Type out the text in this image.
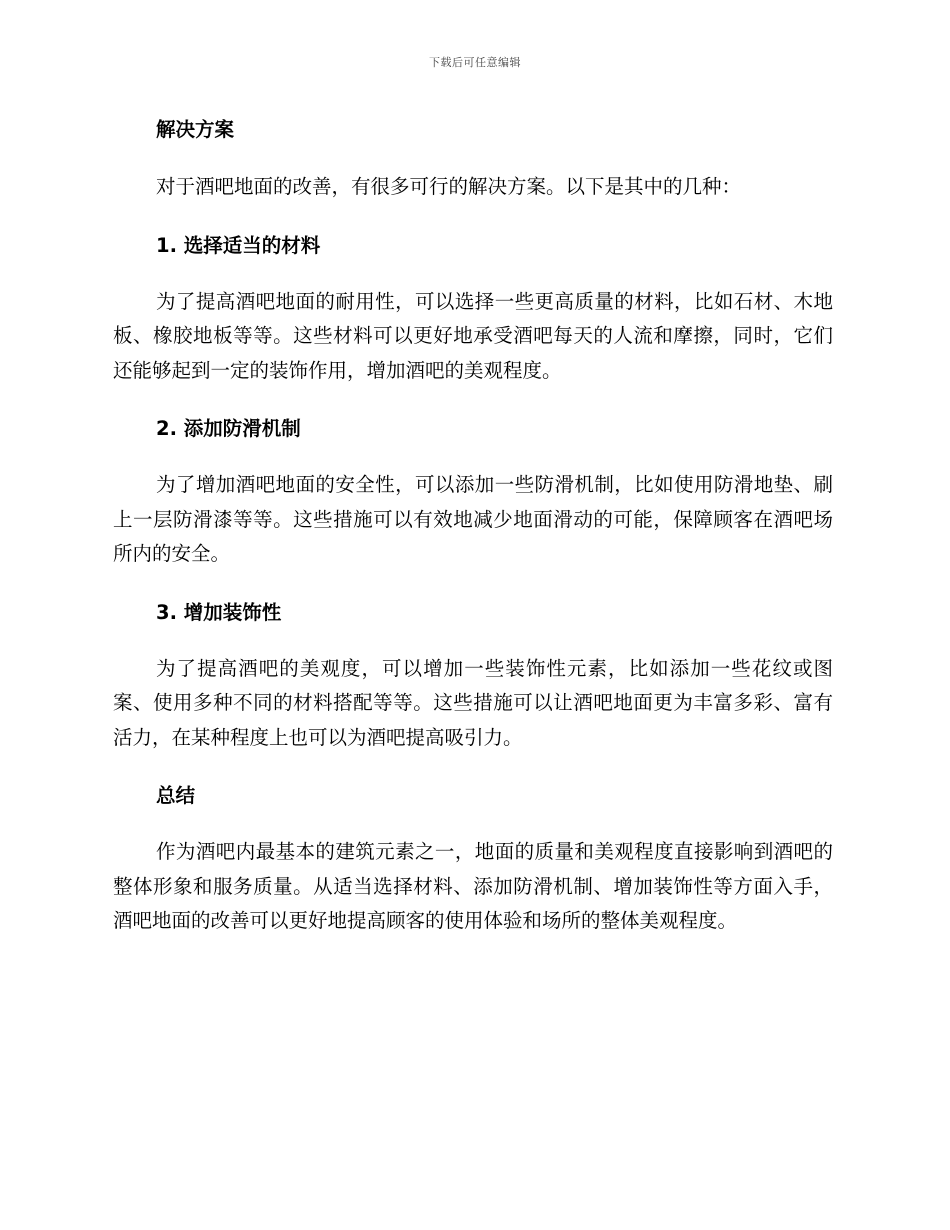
下载后可任意编辑
解决方案

对于酒吧地面的改善，有很多可行的解决方案。以下是其中的几种：

1. 选择适当的材料

为了提高酒吧地面的耐用性，可以选择一些更高质量的材料，比如石材、木地板、橡胶地板等等。这些材料可以更好地承受酒吧每天的人流和摩擦，同时，它们还能够起到一定的装饰作用，增加酒吧的美观程度。

2. 添加防滑机制

为了增加酒吧地面的安全性，可以添加一些防滑机制，比如使用防滑地垫、刷上一层防滑漆等等。这些措施可以有效地减少地面滑动的可能，保障顾客在酒吧场所内的安全。

3. 增加装饰性

为了提高酒吧的美观度，可以增加一些装饰性元素，比如添加一些花纹或图案、使用多种不同的材料搭配等等。这些措施可以让酒吧地面更为丰富多彩、富有活力，在某种程度上也可以为酒吧提高吸引力。

总结

作为酒吧内最基本的建筑元素之一，地面的质量和美观程度直接影响到酒吧的整体形象和服务质量。从适当选择材料、添加防滑机制、增加装饰性等方面入手，酒吧地面的改善可以更好地提高顾客的使用体验和场所的整体美观程度。
